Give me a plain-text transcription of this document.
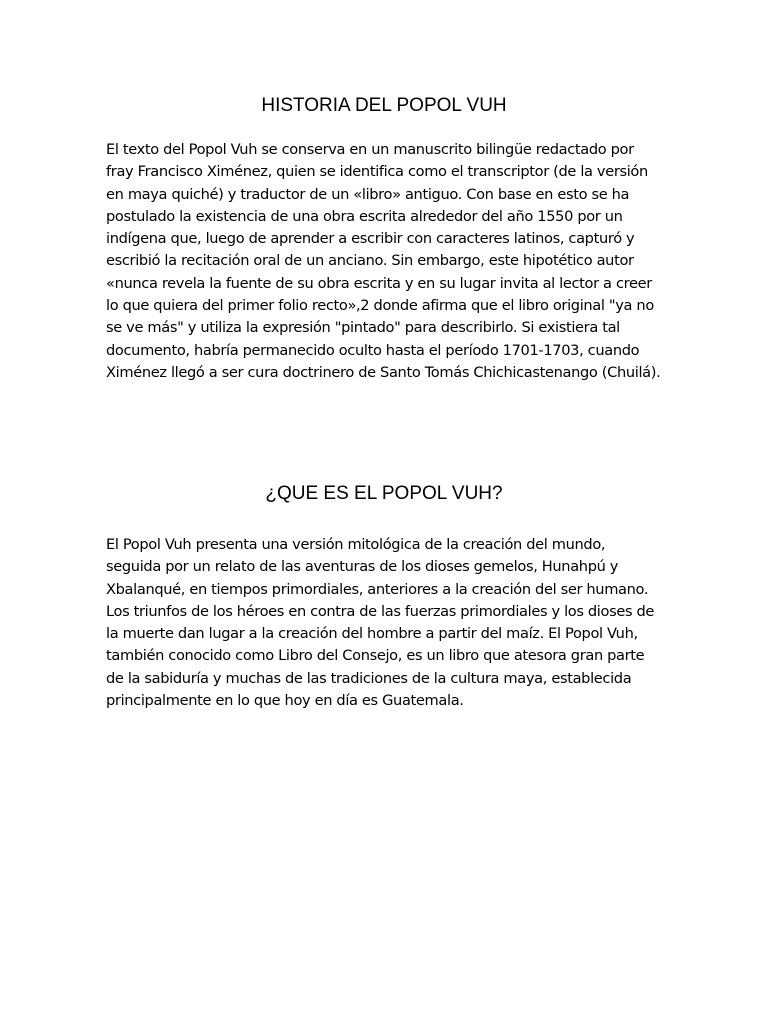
HISTORIA DEL POPOL VUH

El texto del Popol Vuh se conserva en un manuscrito bilingüe redactado por fray Francisco Ximénez, quien se identifica como el transcriptor (de la versión en maya quiché) y traductor de un «libro» antiguo. Con base en esto se ha postulado la existencia de una obra escrita alrededor del año 1550 por un indígena que, luego de aprender a escribir con caracteres latinos, capturó y escribió la recitación oral de un anciano. Sin embargo, este hipotético autor «nunca revela la fuente de su obra escrita y en su lugar invita al lector a creer lo que quiera del primer folio recto»,2 donde afirma que el libro original "ya no se ve más" y utiliza la expresión "pintado" para describirlo. Si existiera tal documento, habría permanecido oculto hasta el período 1701-1703, cuando Ximénez llegó a ser cura doctrinero de Santo Tomás Chichicastenango (Chuilá).

¿QUE ES EL POPOL VUH?

El Popol Vuh presenta una versión mitológica de la creación del mundo, seguida por un relato de las aventuras de los dioses gemelos, Hunahpú y Xbalanqué, en tiempos primordiales, anteriores a la creación del ser humano. Los triunfos de los héroes en contra de las fuerzas primordiales y los dioses de la muerte dan lugar a la creación del hombre a partir del maíz. El Popol Vuh, también conocido como Libro del Consejo, es un libro que atesora gran parte de la sabiduría y muchas de las tradiciones de la cultura maya, establecida principalmente en lo que hoy en día es Guatemala.
